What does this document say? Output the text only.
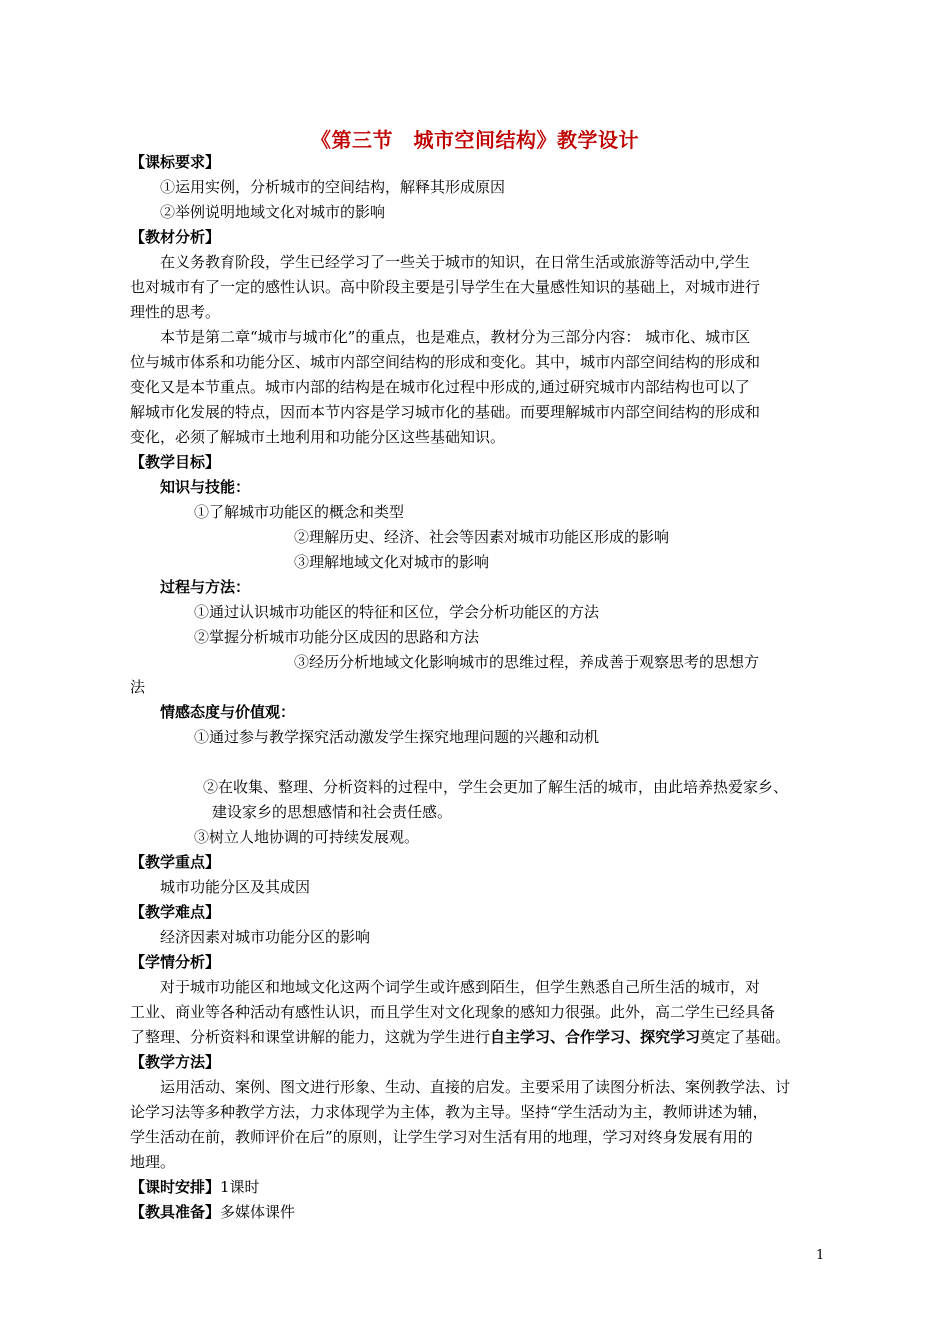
《第三节　城市空间结构》教学设计
【课标要求】
①运用实例，分析城市的空间结构，解释其形成原因
②举例说明地域文化对城市的影响
【教材分析】
在义务教育阶段，学生已经学习了一些关于城市的知识，在日常生活或旅游等活动中,学生
也对城市有了一定的感性认识。高中阶段主要是引导学生在大量感性知识的基础上，对城市进行
理性的思考。
本节是第二章“城市与城市化”的重点，也是难点，教材分为三部分内容： 城市化、城市区
位与城市体系和功能分区、城市内部空间结构的形成和变化。其中，城市内部空间结构的形成和
变化又是本节重点。城市内部的结构是在城市化过程中形成的,通过研究城市内部结构也可以了
解城市化发展的特点，因而本节内容是学习城市化的基础。而要理解城市内部空间结构的形成和
变化，必须了解城市土地利用和功能分区这些基础知识。
【教学目标】
知识与技能：
①了解城市功能区的概念和类型
②理解历史、经济、社会等因素对城市功能区形成的影响
③理解地域文化对城市的影响
过程与方法：
①通过认识城市功能区的特征和区位，学会分析功能区的方法
②掌握分析城市功能分区成因的思路和方法
③经历分析地域文化影响城市的思维过程，养成善于观察思考的思想方
法
情感态度与价值观：
①通过参与教学探究活动激发学生探究地理问题的兴趣和动机
②在收集、整理、分析资料的过程中，学生会更加了解生活的城市，由此培养热爱家乡、
建设家乡的思想感情和社会责任感。
③树立人地协调的可持续发展观。
【教学重点】
城市功能分区及其成因
【教学难点】
经济因素对城市功能分区的影响
【学情分析】
对于城市功能区和地域文化这两个词学生或许感到陌生，但学生熟悉自己所生活的城市，对
工业、商业等各种活动有感性认识，而且学生对文化现象的感知力很强。此外，高二学生已经具备
了整理、分析资料和课堂讲解的能力，这就为学生进行自主学习、合作学习、探究学习奠定了基础。
【教学方法】
运用活动、案例、图文进行形象、生动、直接的启发。主要采用了读图分析法、案例教学法、讨
论学习法等多种教学方法，力求体现学为主体，教为主导。坚持“学生活动为主，教师讲述为辅，
学生活动在前，教师评价在后”的原则，让学生学习对生活有用的地理，学习对终身发展有用的
地理。
【课时安排】1课时
【教具准备】多媒体课件
1
